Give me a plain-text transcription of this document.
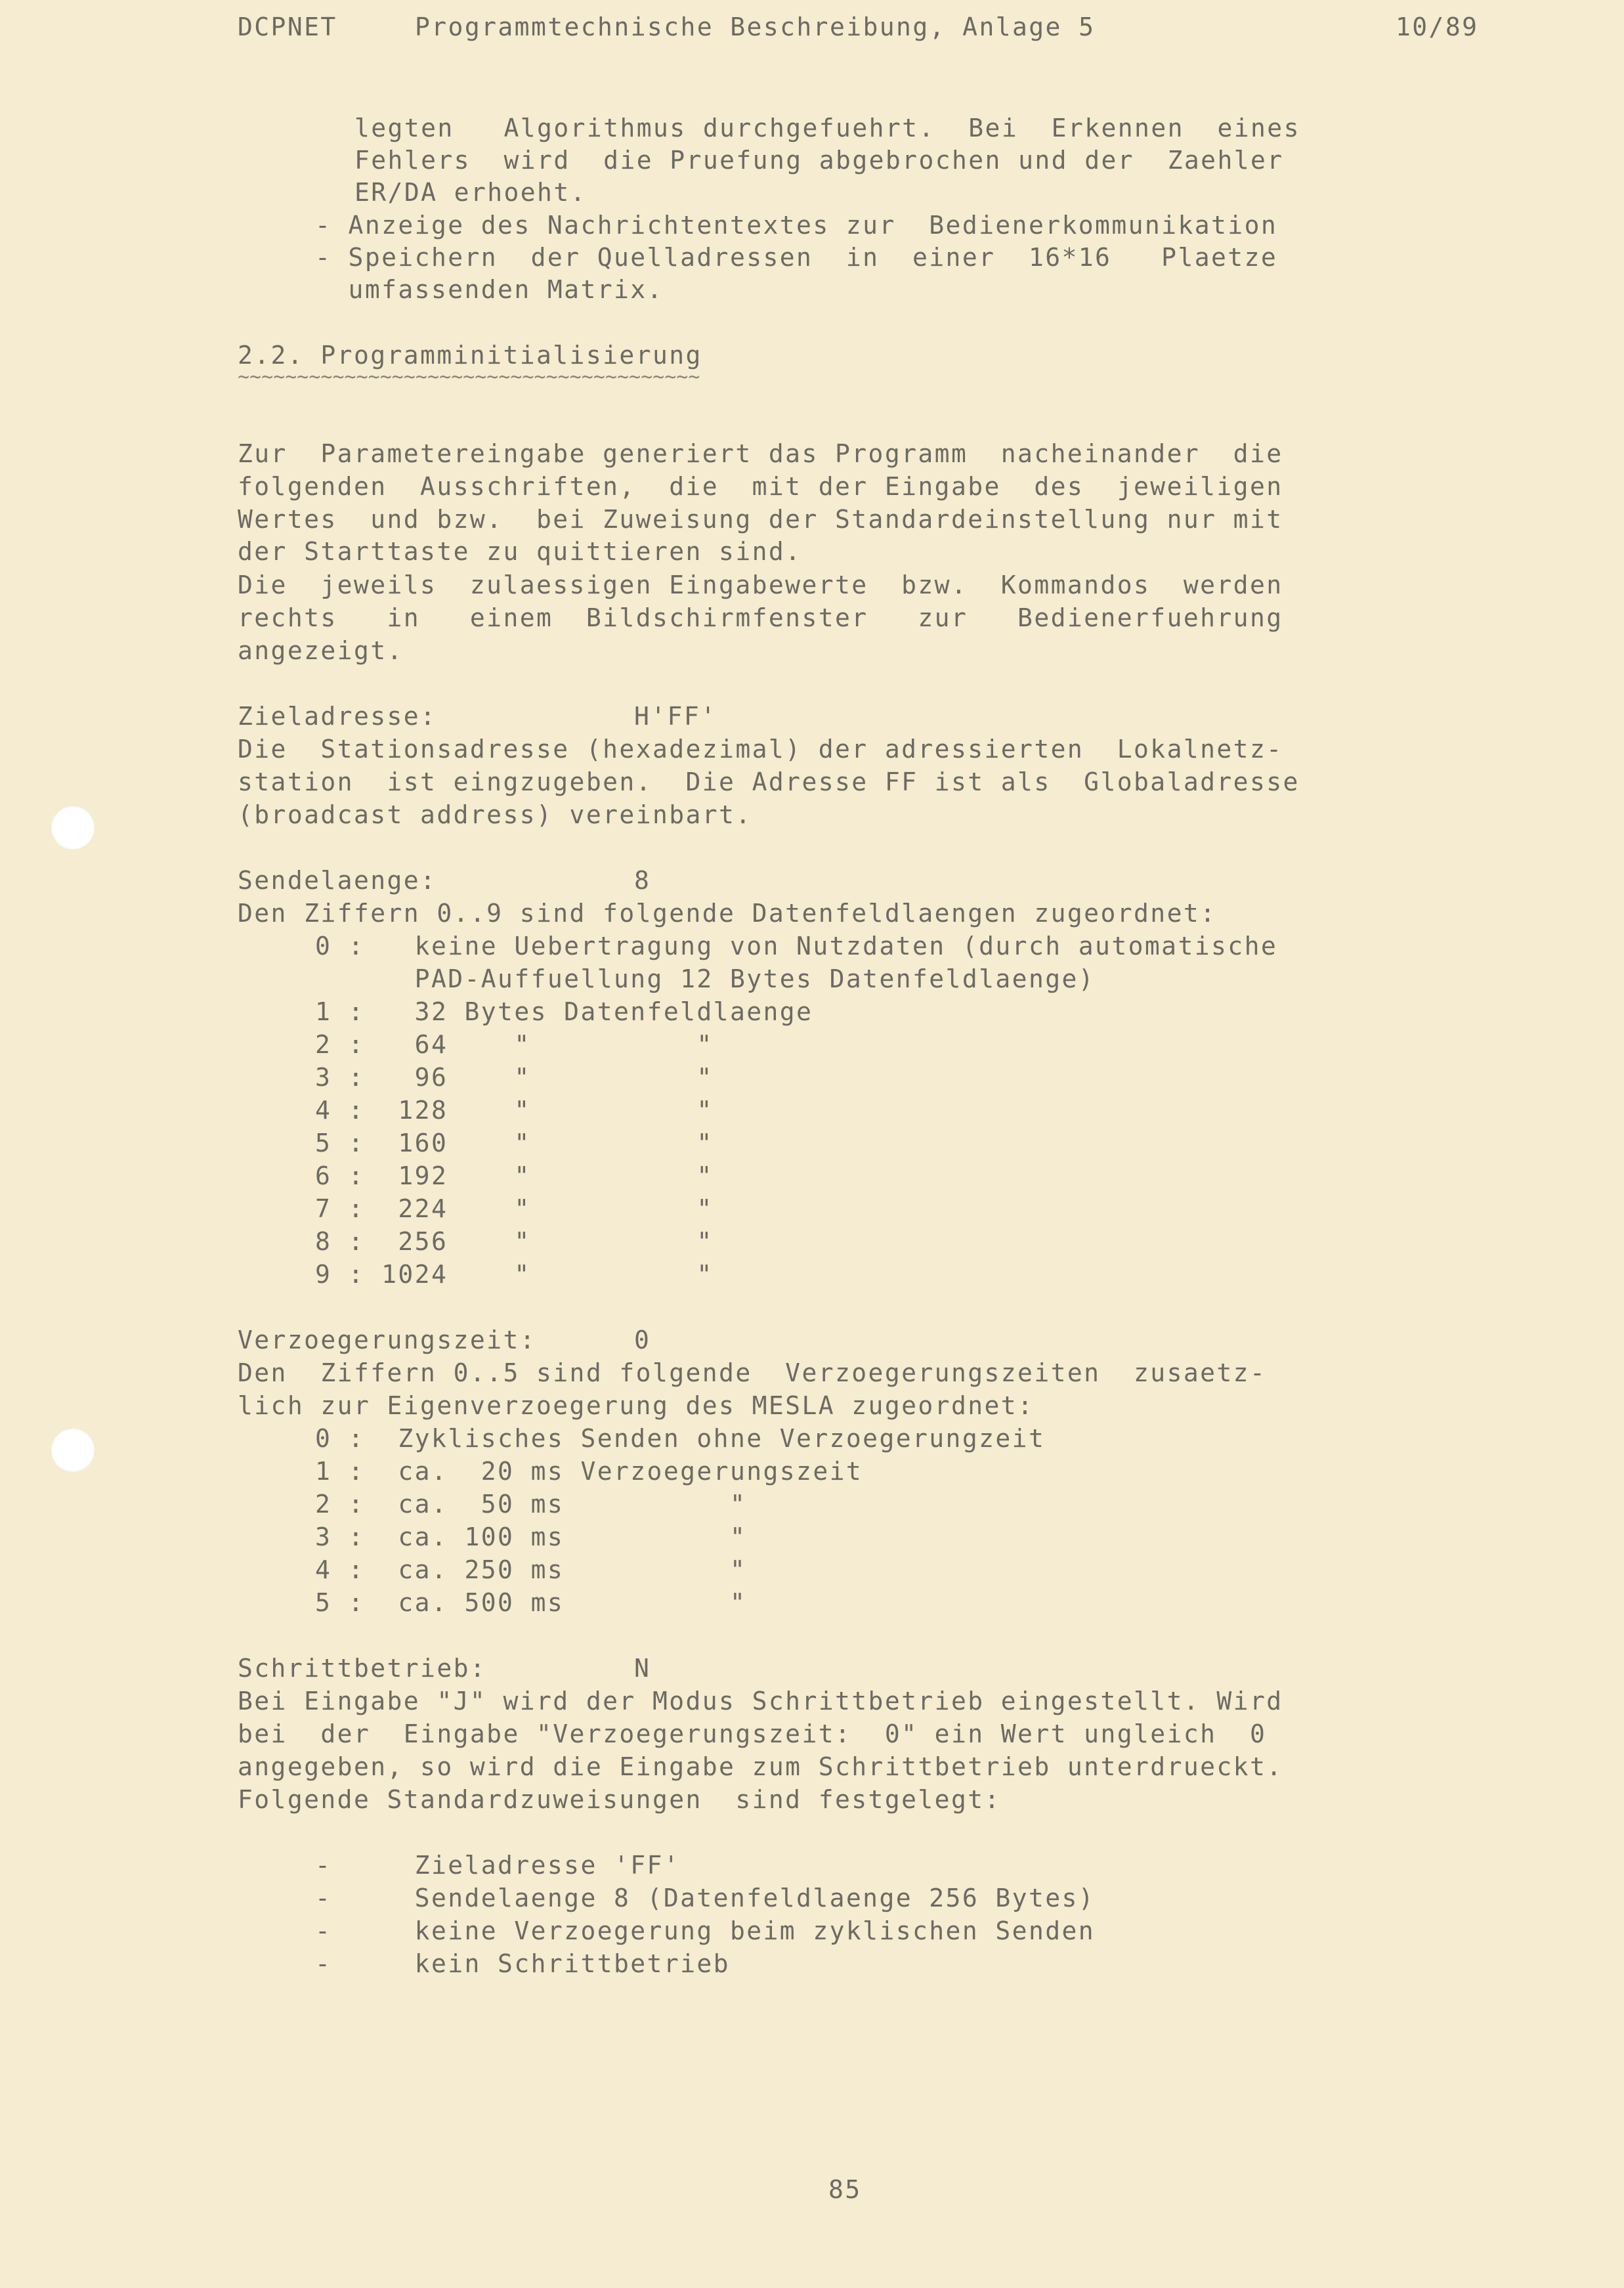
DCPNET	Programmtechnische Beschreibung, Anlage 5	10/89
legten   Algorithmus durchgefuehrt.  Bei  Erkennen  eines
Fehlers  wird  die Pruefung abgebrochen und der  Zaehler
ER/DA erhoeht.
- Anzeige des Nachrichtentextes zur  Bedienerkommunikation
- Speichern  der Quelladressen  in  einer  16*16   Plaetze
umfassenden Matrix.
2.2. Programminitialisierung
~~~~~~~~~~~~~~~~~~~~~~~~~~~~~~~~~~~~~~~
Zur  Parametereingabe generiert das Programm  nacheinander  die
folgenden  Ausschriften,  die  mit der Eingabe  des  jeweiligen
Wertes  und bzw.  bei Zuweisung der Standardeinstellung nur mit
der Starttaste zu quittieren sind.
Die  jeweils  zulaessigen Eingabewerte  bzw.  Kommandos  werden
rechts   in   einem  Bildschirmfenster   zur   Bedienerfuehrung
angezeigt.
Zieladresse:	H'FF'
Die  Stationsadresse (hexadezimal) der adressierten  Lokalnetz-
station  ist eingzugeben.  Die Adresse FF ist als  Globaladresse
(broadcast address) vereinbart.
Sendelaenge:	8
Den Ziffern 0..9 sind folgende Datenfeldlaengen zugeordnet:
0 :   keine Uebertragung von Nutzdaten (durch automatische
PAD-Auffuellung 12 Bytes Datenfeldlaenge)
1 :   32 Bytes Datenfeldlaenge
2 :   64    "          "
3 :   96    "          "
4 :  128    "          "
5 :  160    "          "
6 :  192    "          "
7 :  224    "          "
8 :  256    "          "
9 : 1024    "          "
Verzoegerungszeit:	0
Den  Ziffern 0..5 sind folgende  Verzoegerungszeiten  zusaetz-
lich zur Eigenverzoegerung des MESLA zugeordnet:
0 :  Zyklisches Senden ohne Verzoegerungzeit
1 :  ca.  20 ms Verzoegerungszeit
2 :  ca.  50 ms          "
3 :  ca. 100 ms          "
4 :  ca. 250 ms          "
5 :  ca. 500 ms          "
Schrittbetrieb:	N
Bei Eingabe "J" wird der Modus Schrittbetrieb eingestellt. Wird
bei  der  Eingabe "Verzoegerungszeit:  0" ein Wert ungleich  0
angegeben, so wird die Eingabe zum Schrittbetrieb unterdrueckt.
Folgende Standardzuweisungen  sind festgelegt:
-     Zieladresse 'FF'
-     Sendelaenge 8 (Datenfeldlaenge 256 Bytes)
-     keine Verzoegerung beim zyklischen Senden
-     kein Schrittbetrieb
85
